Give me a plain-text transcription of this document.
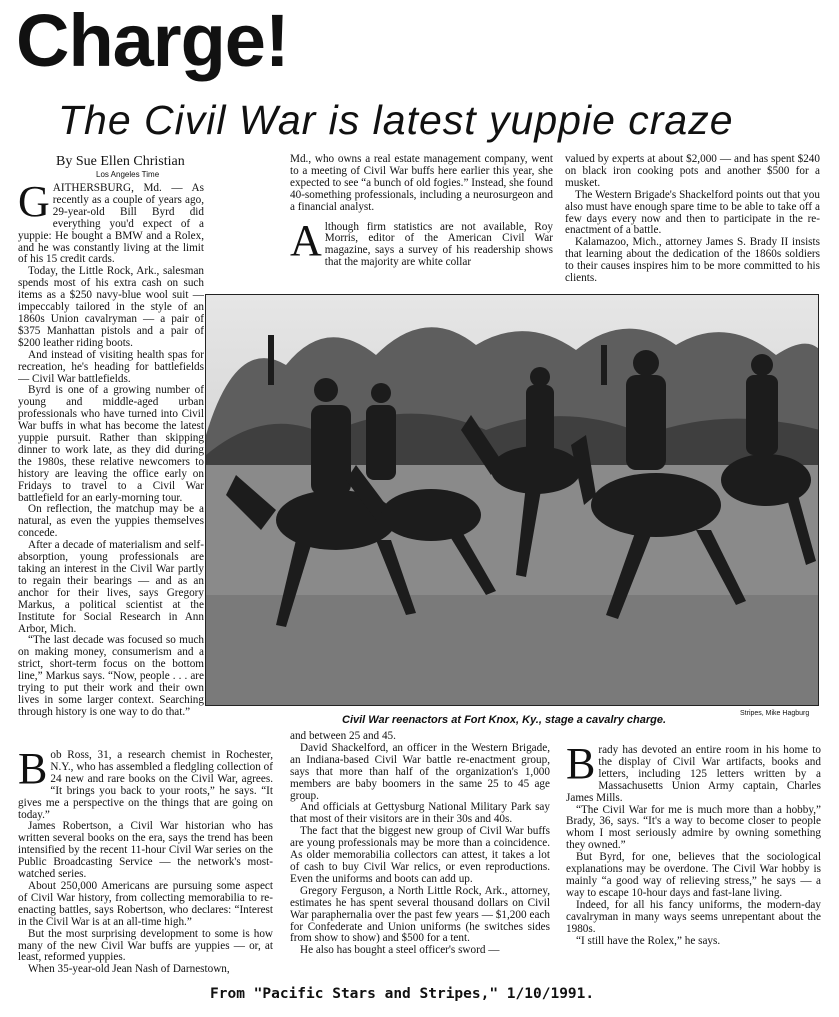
Charge!
The Civil War is latest yuppie craze
By Sue Ellen Christian
Los Angeles Time

GAITHERSBURG, Md. — As recently as a couple of years ago, 29-year-old Bill Byrd did everything you'd expect of a yuppie: He bought a BMW and a Rolex, and he was constantly living at the limit of his 15 credit cards.

Today, the Little Rock, Ark., salesman spends most of his extra cash on such items as a $250 navy-blue wool suit — impeccably tailored in the style of an 1860s Union cavalryman — a pair of $375 Manhattan pistols and a pair of $200 leather riding boots.

And instead of visiting health spas for recreation, he's heading for battlefields — Civil War battlefields.

Byrd is one of a growing number of young and middle-aged urban professionals who have turned into Civil War buffs in what has become the latest yuppie pursuit. Rather than skipping dinner to work late, as they did during the 1980s, these relative newcomers to history are leaving the office early on Fridays to travel to a Civil War battlefield for an early-morning tour.

On reflection, the matchup may be a natural, as even the yuppies themselves concede.

After a decade of materialism and self-absorption, young professionals are taking an interest in the Civil War partly to regain their bearings — and as an anchor for their lives, says Gregory Markus, a political scientist at the Institute for Social Research in Ann Arbor, Mich.

“The last decade was focused so much on making money, consumerism and a strict, short-term focus on the bottom line,” Markus says. “Now, people . . . are trying to put their work and their own lives in some larger context. Searching through history is one way to do that.”

Md., who owns a real estate management company, went to a meeting of Civil War buffs here earlier this year, she expected to see “a bunch of old fogies.” Instead, she found 40-something professionals, including a neurosurgeon and a financial analyst.

Although firm statistics are not available, Roy Morris, editor of the American Civil War magazine, says a survey of his readership shows that the majority are white collar

valued by experts at about $2,000 — and has spent $240 on black iron cooking pots and another $500 for a musket.

The Western Brigade's Shackelford points out that you also must have enough spare time to be able to take off a few days every now and then to participate in the re-enactment of a battle.

Kalamazoo, Mich., attorney James S. Brady II insists that learning about the dedication of the 1860s soldiers to their causes inspires him to be more committed to his clients.

Civil War reenactors at Fort Knox, Ky., stage a cavalry charge.
Stripes, Mike Hagburg

Bob Ross, 31, a research chemist in Rochester, N.Y., who has assembled a fledgling collection of 24 new and rare books on the Civil War, agrees. “It brings you back to your roots,” he says. “It gives me a perspective on the things that are going on today.”

James Robertson, a Civil War historian who has written several books on the era, says the trend has been intensified by the recent 11-hour Civil War series on the Public Broadcasting Service — the network's most-watched series.

About 250,000 Americans are pursuing some aspect of Civil War history, from collecting memorabilia to re-enacting battles, says Robertson, who declares: “Interest in the Civil War is at an all-time high.”

But the most surprising development to some is how many of the new Civil War buffs are yuppies — or, at least, reformed yuppies.

When 35-year-old Jean Nash of Darnestown,

and between 25 and 45.

David Shackelford, an officer in the Western Brigade, an Indiana-based Civil War battle re-enactment group, says that more than half of the organization's 1,000 members are baby boomers in the same 25 to 45 age group.

And officials at Gettysburg National Military Park say that most of their visitors are in their 30s and 40s.

The fact that the biggest new group of Civil War buffs are young professionals may be more than a coincidence. As older memorabilia collectors can attest, it takes a lot of cash to buy Civil War relics, or even reproductions. Even the uniforms and boots can add up.

Gregory Ferguson, a North Little Rock, Ark., attorney, estimates he has spent several thousand dollars on Civil War paraphernalia over the past few years — $1,200 each for Confederate and Union uniforms (he switches sides from show to show) and $500 for a tent.

He also has bought a steel officer's sword —

Brady has devoted an entire room in his home to the display of Civil War artifacts, books and letters, including 125 letters written by a Massachusetts Union Army captain, Charles James Mills.

“The Civil War for me is much more than a hobby,” Brady, 36, says. “It's a way to become closer to people whom I most seriously admire by owning something they owned.”

But Byrd, for one, believes that the sociological explanations may be overdone. The Civil War hobby is mainly “a good way of relieving stress,” he says — a way to escape 10-hour days and fast-lane living.

Indeed, for all his fancy uniforms, the modern-day cavalryman in many ways seems unrepentant about the 1980s.

“I still have the Rolex,” he says.

From "Pacific Stars and Stripes," 1/10/1991.
